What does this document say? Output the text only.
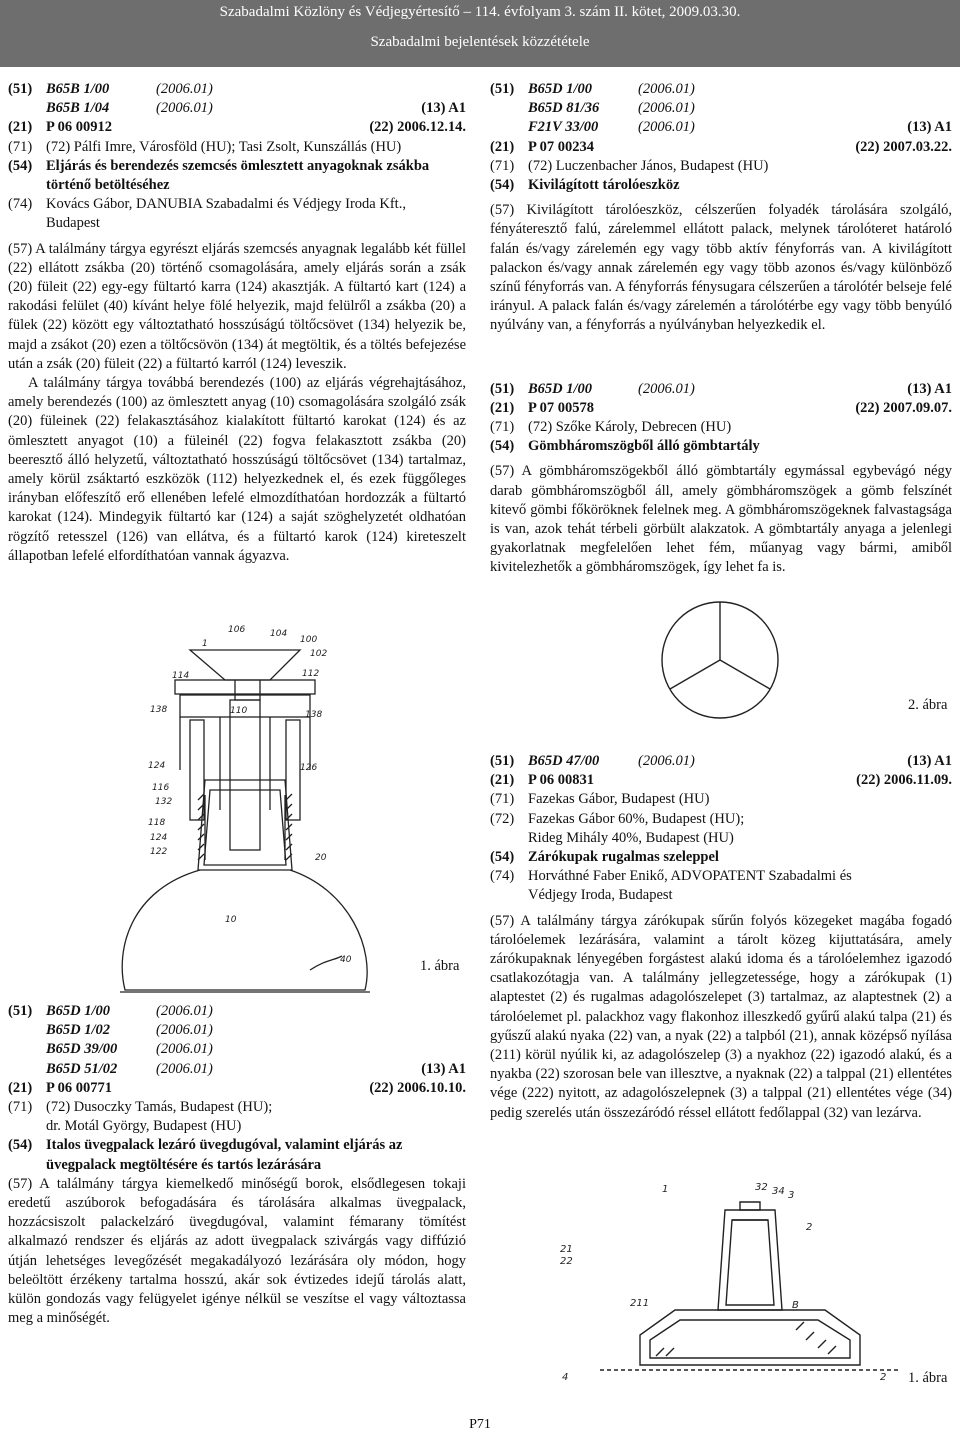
Szabadalmi Közlöny és Védjegyértesítő – 114. évfolyam 3. szám II. kötet, 2009.03.30.
Szabadalmi bejelentések közzététele
(51) B65B 1/00	(2006.01)
B65B 1/04	(2006.01)	(13) A1
(21) P 06 00912	(22) 2006.12.14.
(71) (72) Pálfi Imre, Városföld (HU); Tasi Zsolt, Kunszállás (HU)
(54) Eljárás és berendezés szemcsés ömlesztett anyagoknak zsákba
történő betöltéséhez
(74) Kovács Gábor, DANUBIA Szabadalmi és Védjegy Iroda Kft.,
Budapest

(57) A találmány tárgya egyrészt eljárás szemcsés anyagnak legalább két füllel (22) ellátott zsákba (20) történő csomagolására, amely eljárás során a zsák (20) füleit (22) egy-egy fültartó karra (124) akasztják. A fültartó kart (124) a rakodási felület (40) kívánt helye fölé helyezik, majd felülről a zsákba (20) a fülek (22) között egy változtatható hosszúságú töltőcsövet (134) helyezik be, majd a zsákot (20) ezen a töltőcsövön (134) át megtöltik, és a töltés befejezése után a zsák (20) füleit (22) a fültartó karról (124) leveszik.

A találmány tárgya továbbá berendezés (100) az eljárás végrehajtásához, amely berendezés (100) az ömlesztett anyag (10) csomagolására szolgáló zsák (20) füleinek (22) felakasztásához kialakított fültartó karokat (124) és az ömlesztett anyagot (10) a füleinél (22) fogva felakasztott zsákba (20) beeresztő álló helyzetű, változtatható hosszúságú töltőcsövet (134) tartalmaz, amely körül zsáktartó eszközök (112) helyezkednek el, és ezek függőleges irányban előfeszítő erő ellenében lefelé elmozdíthatóan hordozzák a fültartó karokat (124). Mindegyik fültartó kar (124) a saját szöghelyzetét oldhatóan rögzítő retesszel (126) van ellátva, és a fültartó karok (124) kireteszelt állapotban lefelé elfordíthatóan vannak ágyazva.

106	104
100
1
102
114	112
138	110	138
124	126
116
132
118
124
122
20
10
40	1. ábra
(51) B65D 1/00	(2006.01)
B65D 1/02	(2006.01)
B65D 39/00	(2006.01)
B65D 51/02	(2006.01)	(13) A1
(21) P 06 00771	(22) 2006.10.10.
(71) (72) Dusoczky Tamás, Budapest (HU);
dr. Motál György, Budapest (HU)
(54) Italos üvegpalack lezáró üvegdugóval, valamint eljárás az
üvegpalack megtöltésére és tartós lezárására
(57) A találmány tárgya kiemelkedő minőségű borok, elsődlegesen tokaji eredetű aszúborok befogadására és tárolására alkalmas üvegpalack, hozzácsiszolt palackelzáró üvegdugóval, valamint fémarany tömítést alkalmazó rendszer és eljárás az adott üvegpalack szivárgás vagy diffúzió útján lehetséges levegőzését megakadályozó lezárására oly módon, hogy beleöltött érzékeny tartalma hosszú, akár sok évtizedes idejű tárolás alatt, külön gondozás vagy felügyelet igénye nélkül se veszítse el vagy változtassa meg a minőségét.
(51) B65D 1/00	(2006.01)
B65D 81/36	(2006.01)
F21V 33/00	(2006.01)	(13) A1
(21) P 07 00234	(22) 2007.03.22.
(71) (72) Luczenbacher János, Budapest (HU)
(54) Kivilágított tárolóeszköz
(57) Kivilágított tárolóeszköz, célszerűen folyadék tárolására szolgáló, fényáteresztő falú, zárelemmel ellátott palack, melynek tárolóteret határoló falán és/vagy zárelemén egy vagy több aktív fényforrás van. A kivilágított palackon és/vagy annak zárelemén egy vagy több azonos és/vagy különböző színű fényforrás van. A fényforrás fénysugara célszerűen a tárolótér belseje felé irányul. A palack falán és/vagy zárelemén a tárolótérbe egy vagy több benyúló nyúlvány van, a fényforrás a nyúlványban helyezkedik el.
(51) B65D 1/00	(2006.01)	(13) A1
(21) P 07 00578	(22) 2007.09.07.
(71) (72) Szőke Károly, Debrecen (HU)
(54) Gömbháromszögből álló gömbtartály
(57) A gömbháromszögekből álló gömbtartály egymással egybevágó négy darab gömbháromszögből áll, amely gömbháromszögek a gömb felszínét kitevő gömbi főköröknek felelnek meg. A gömbháromszögeknek falvastagsága is van, azok tehát térbeli görbült alakzatok. A gömbtartály anyaga a jelenlegi gyakorlatnak megfelelően lehet fém, műanyag vagy bármi, amiből kivitelezhetők a gömbháromszögek, így lehet fa is.
2. ábra
(51) B65D 47/00	(2006.01)	(13) A1
(21) P 06 00831	(22) 2006.11.09.
(71) Fazekas Gábor, Budapest (HU)
(72) Fazekas Gábor 60%, Budapest (HU);
Rideg Mihály 40%, Budapest (HU)
(54) Zárókupak rugalmas szeleppel
(74) Horváthné Faber Enikő, ADVOPATENT Szabadalmi és
Védjegy Iroda, Budapest
(57) A találmány tárgya zárókupak sűrűn folyós közegeket magába fogadó tárolóelemek lezárására, valamint a tárolt közeg kijuttatására, amely zárókupaknak lényegében forgástest alakú idoma és a tárolóelemhez igazodó csatlakozótagja van. A találmány jellegzetessége, hogy a zárókupak (1) alaptestet (2) és rugalmas adagolószelepet (3) tartalmaz, az alaptestnek (2) a tárolóelemet pl. palackhoz vagy flakonhoz illeszkedő gyűrű alakú talpa (21) és gyűszű alakú nyaka (22) van, a nyak (22) a talpból (21), annak középső nyílása (211) körül nyúlik ki, az adagolószelep (3) a nyakhoz (22) igazodó alakú, és a nyakba (22) szorosan bele van illesztve, a nyaknak (22) a talppal (21) ellentétes vége (222) nyitott, az adagolószelepnek (3) a talppal (21) ellentétes vége (34) pedig szerelés után összezáródó réssel ellátott fedőlappal (32) van lezárva.
1	32 34 3
2
21
22
211	B
4	2 1. ábra
P71
